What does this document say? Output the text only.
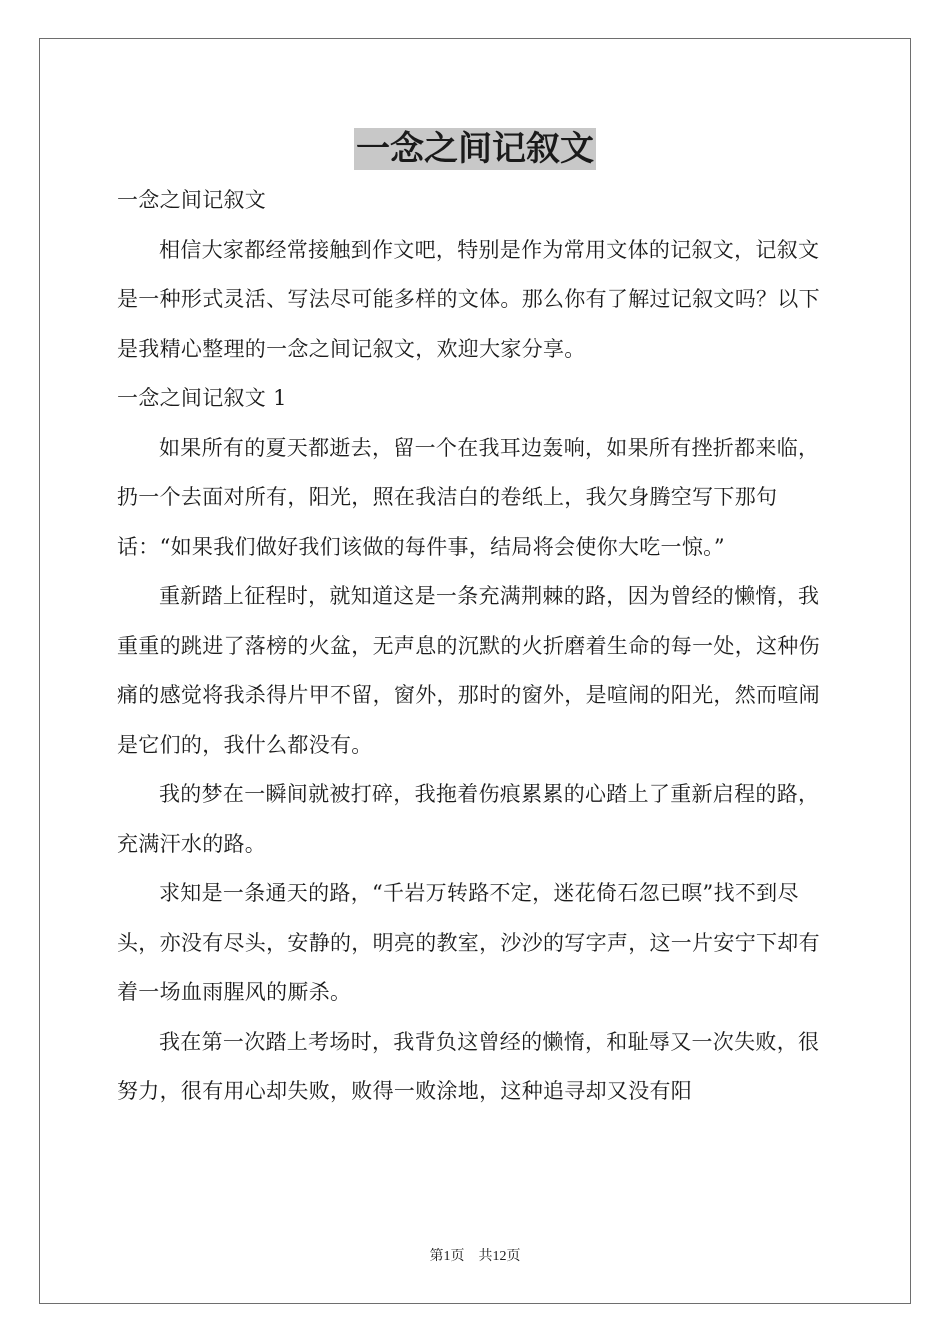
一念之间记叙文

一念之间记叙文

相信大家都经常接触到作文吧，特别是作为常用文体的记叙文，记叙文是一种形式灵活、写法尽可能多样的文体。那么你有了解过记叙文吗？以下是我精心整理的一念之间记叙文，欢迎大家分享。

一念之间记叙文 1

如果所有的夏天都逝去，留一个在我耳边轰响，如果所有挫折都来临，扔一个去面对所有，阳光，照在我洁白的卷纸上，我欠身腾空写下那句话：“如果我们做好我们该做的每件事，结局将会使你大吃一惊。”

重新踏上征程时，就知道这是一条充满荆棘的路，因为曾经的懒惰，我重重的跳进了落榜的火盆，无声息的沉默的火折磨着生命的每一处，这种伤痛的感觉将我杀得片甲不留，窗外，那时的窗外，是喧闹的阳光，然而喧闹是它们的，我什么都没有。

我的梦在一瞬间就被打碎，我拖着伤痕累累的心踏上了重新启程的路，充满汗水的路。

求知是一条通天的路，“千岩万转路不定，迷花倚石忽已暝”找不到尽头，亦没有尽头，安静的，明亮的教室，沙沙的写字声，这一片安宁下却有着一场血雨腥风的厮杀。

我在第一次踏上考场时，我背负这曾经的懒惰，和耻辱又一次失败，很努力，很有用心却失败，败得一败涂地，这种追寻却又没有阳

第1页 共12页
